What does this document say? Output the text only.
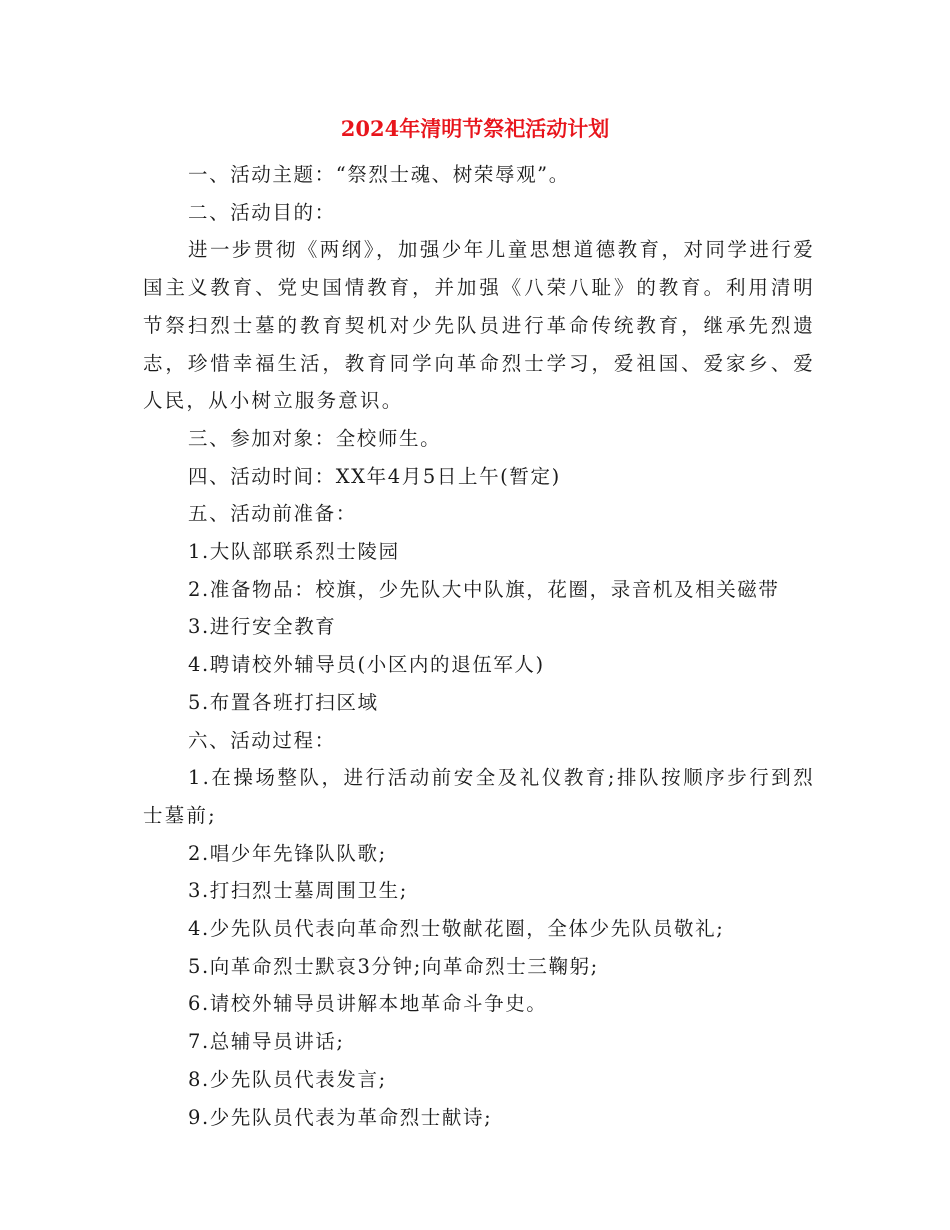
2024年清明节祭祀活动计划

一、活动主题：“祭烈士魂、树荣辱观”。

二、活动目的：

进一步贯彻《两纲》，加强少年儿童思想道德教育，对同学进行爱国主义教育、党史国情教育，并加强《八荣八耻》的教育。利用清明节祭扫烈士墓的教育契机对少先队员进行革命传统教育，继承先烈遗志，珍惜幸福生活，教育同学向革命烈士学习，爱祖国、爱家乡、爱人民，从小树立服务意识。

三、参加对象：全校师生。

四、活动时间：XX年4月5日上午(暂定)

五、活动前准备：

1.大队部联系烈士陵园

2.准备物品：校旗，少先队大中队旗，花圈，录音机及相关磁带

3.进行安全教育

4.聘请校外辅导员(小区内的退伍军人)

5.布置各班打扫区域

六、活动过程：

1.在操场整队，进行活动前安全及礼仪教育;排队按顺序步行到烈士墓前;

2.唱少年先锋队队歌;

3.打扫烈士墓周围卫生;

4.少先队员代表向革命烈士敬献花圈，全体少先队员敬礼;

5.向革命烈士默哀3分钟;向革命烈士三鞠躬;

6.请校外辅导员讲解本地革命斗争史。

7.总辅导员讲话;

8.少先队员代表发言;

9.少先队员代表为革命烈士献诗;
